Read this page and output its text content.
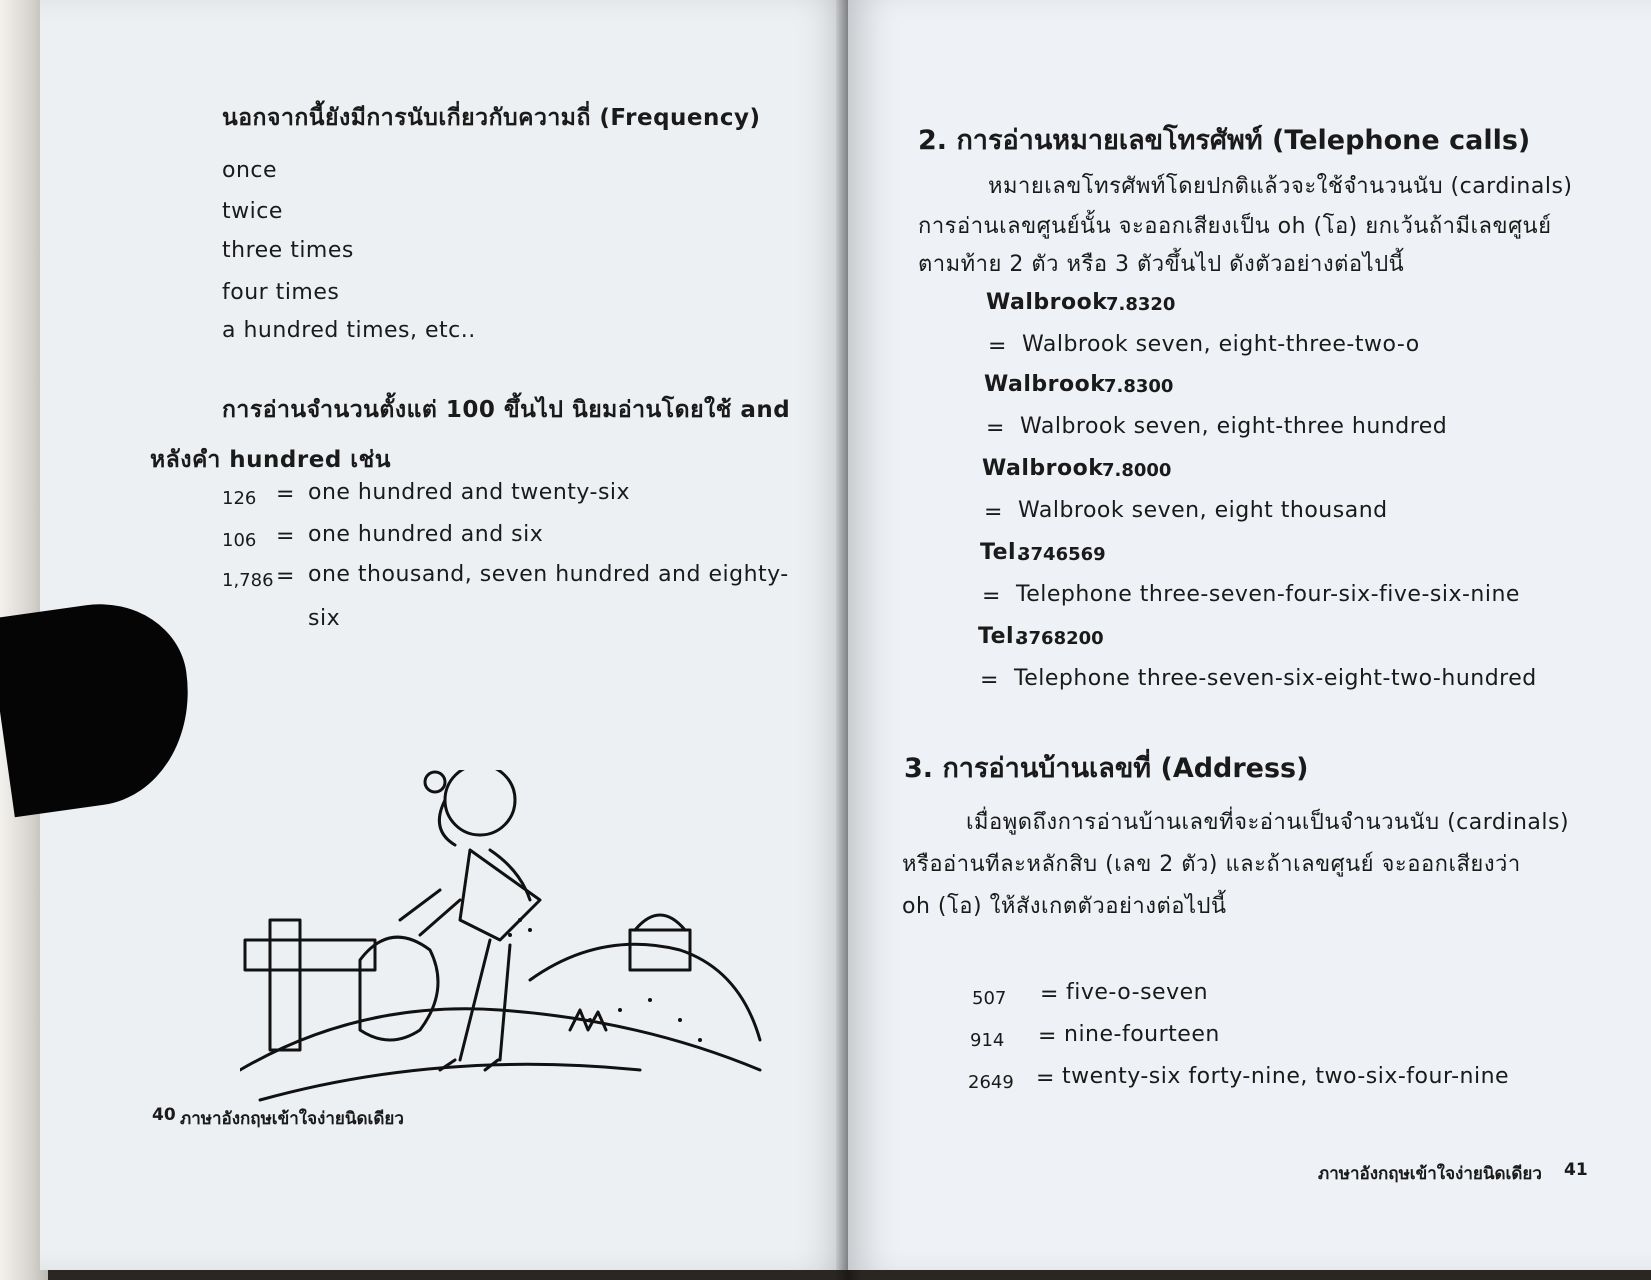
นอกจากนี้ยังมีการนับเกี่ยวกับความถี่ (Frequency)
once
twice
three times
four times
a hundred times, etc..
การอ่านจำนวนตั้งแต่ 100 ขึ้นไป นิยมอ่านโดยใช้ and
หลังคำ hundred เช่น
126 = one hundred and twenty-six
106 = one hundred and six
1,786 = one thousand, seven hundred and eighty-
six
40 ภาษาอังกฤษเข้าใจง่ายนิดเดียว
2. การอ่านหมายเลขโทรศัพท์ (Telephone calls)
หมายเลขโทรศัพท์โดยปกติแล้วจะใช้จำนวนนับ (cardinals)
การอ่านเลขศูนย์นั้น จะออกเสียงเป็น oh (โอ) ยกเว้นถ้ามีเลขศูนย์
ตามท้าย 2 ตัว หรือ 3 ตัวขึ้นไป ดังตัวอย่างต่อไปนี้
Walbrook
7.8320
= Walbrook seven, eight-three-two-o
Walbrook
7.8300
= Walbrook seven, eight-three hundred
Walbrook
7.8000
= Walbrook seven, eight thousand
Tel.
3746569
= Telephone three-seven-four-six-five-six-nine
Tel.
3768200
= Telephone three-seven-six-eight-two-hundred
3. การอ่านบ้านเลขที่ (Address)
เมื่อพูดถึงการอ่านบ้านเลขที่จะอ่านเป็นจำนวนนับ (cardinals)
หรืออ่านทีละหลักสิบ (เลข 2 ตัว) และถ้าเลขศูนย์ จะออกเสียงว่า
oh (โอ) ให้สังเกตตัวอย่างต่อไปนี้
507 = five-o-seven
914 = nine-fourteen
2649 = twenty-six forty-nine, two-six-four-nine
ภาษาอังกฤษเข้าใจง่ายนิดเดียว 41
